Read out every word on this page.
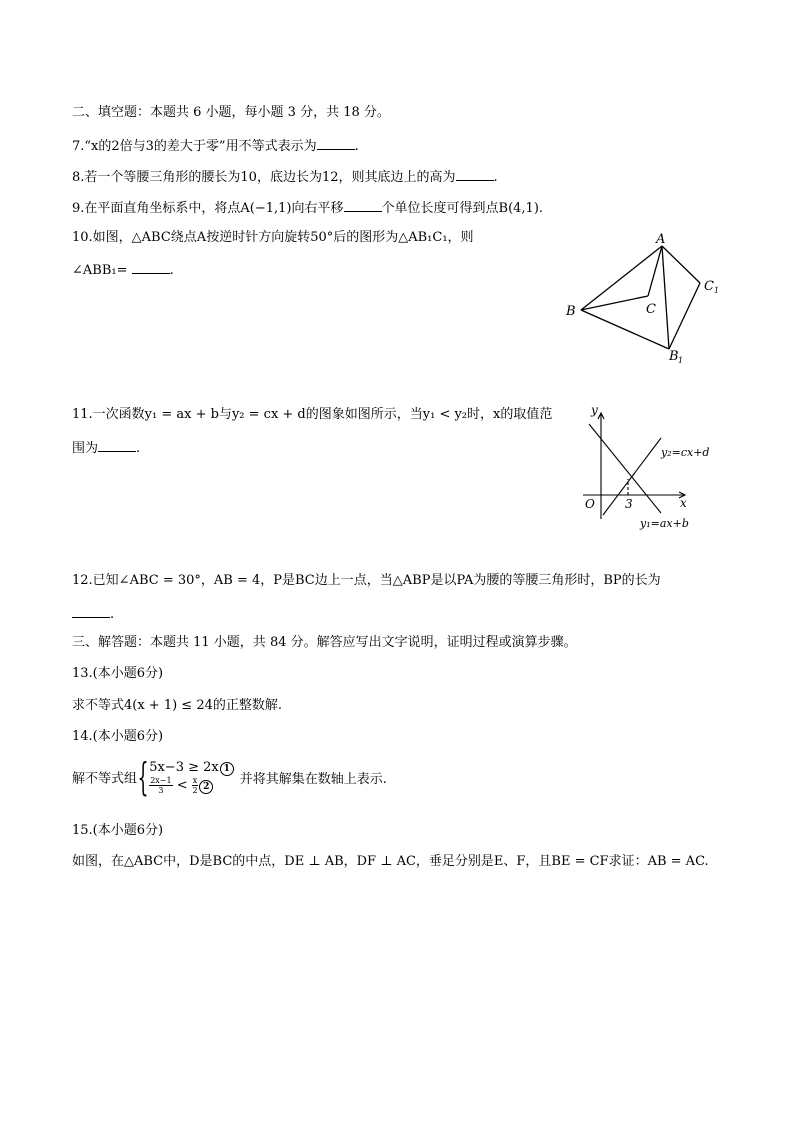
二、填空题：本题共 6 小题，每小题 3 分，共 18 分。
7.“x的2倍与3的差大于零”用不等式表示为	.
8.若一个等腰三角形的腰长为10，底边长为12，则其底边上的高为	.
9.在平面直角坐标系中，将点A(−1,1)向右平移	个单位长度可得到点B(4,1).
10.如图，△ABC绕点A按逆时针方向旋转50°后的图形为△AB₁C₁，则
∠ABB₁=	.
A
B	C
C 1
B 1
11.一次函数y₁ = ax + b与y₂ = cx + d的图象如图所示，当y₁ < y₂时，x的取值范
围为	.
y
x
O	3
y₂=cx+d
y₁=ax+b
12.已知∠ABC = 30°，AB = 4，P是BC边上一点，当△ABP是以PA为腰的等腰三角形时，BP的长为
.
三、解答题：本题共 11 小题，共 84 分。解答应写出文字说明，证明过程或演算步骤。
13.(本小题6分)
求不等式4(x + 1) ≤ 24的正整数解.
14.(本小题6分)
解不等式组 { 5x−3 ≥ 2x 1
$\frac{2x-1}{3} < \frac{x}{2} 2$	并将其解集在数轴上表示.
15.(本小题6分)
如图，在△ABC中，D是BC的中点，DE ⊥ AB，DF ⊥ AC，垂足分别是E、F，且BE = CF求证：AB = AC.
